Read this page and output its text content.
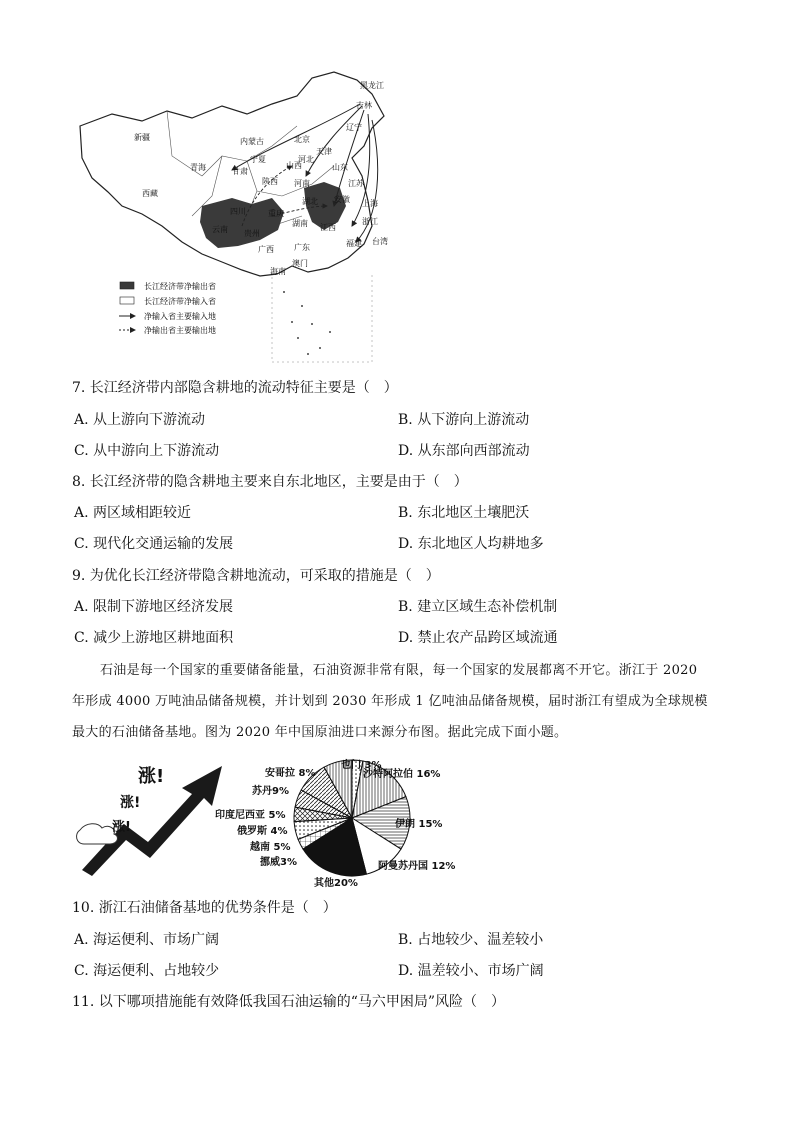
新疆
西藏
青海
内蒙古
甘肃
宁夏
陕西
山西
北京
黑龙江
吉林
辽宁
天津
河北
山东
河南
湖北
四川	重庆
湖南 江西
安徽
江苏
上海
浙江
福建
贵州
云南
广西	广东
澳门
台湾
海南
长江经济带净输出省
长江经济带净输入省
净输入省主要输入地
净输出省主要输出地
7. 长江经济带内部隐含耕地的流动特征主要是（　）
A. 从上游向下游流动	B. 从下游向上游流动
C. 从中游向上下游流动	D. 从东部向西部流动
8. 长江经济带的隐含耕地主要来自东北地区，主要是由于（　）
A. 两区域相距较近	B. 东北地区土壤肥沃
C. 现代化交通运输的发展	D. 东北地区人均耕地多
9. 为优化长江经济带隐含耕地流动，可采取的措施是（　）
A. 限制下游地区经济发展	B. 建立区域生态补偿机制
C. 减少上游地区耕地面积	D. 禁止农产品跨区域流通
石油是每一个国家的重要储备能量，石油资源非常有限，每一个国家的发展都离不开它。浙江于 2020
年形成 4000 万吨油品储备规模，并计划到 2030 年形成 1 亿吨油品储备规模，届时浙江有望成为全球规模
最大的石油储备基地。图为 2020 年中国原油进口来源分布图。据此完成下面小题。
涨!
涨!
涨!
安哥拉 8%
也门 3%
沙特阿拉伯 16%
苏丹9%
伊朗 15%
印度尼西亚 5%
俄罗斯 4%
越南 5%
挪威3%	阿曼苏丹国 12%
其他20%
10. 浙江石油储备基地的优势条件是（　）
A. 海运便利、市场广阔	B. 占地较少、温差较小
C. 海运便利、占地较少	D. 温差较小、市场广阔
11. 以下哪项措施能有效降低我国石油运输的“马六甲困局”风险（　）
